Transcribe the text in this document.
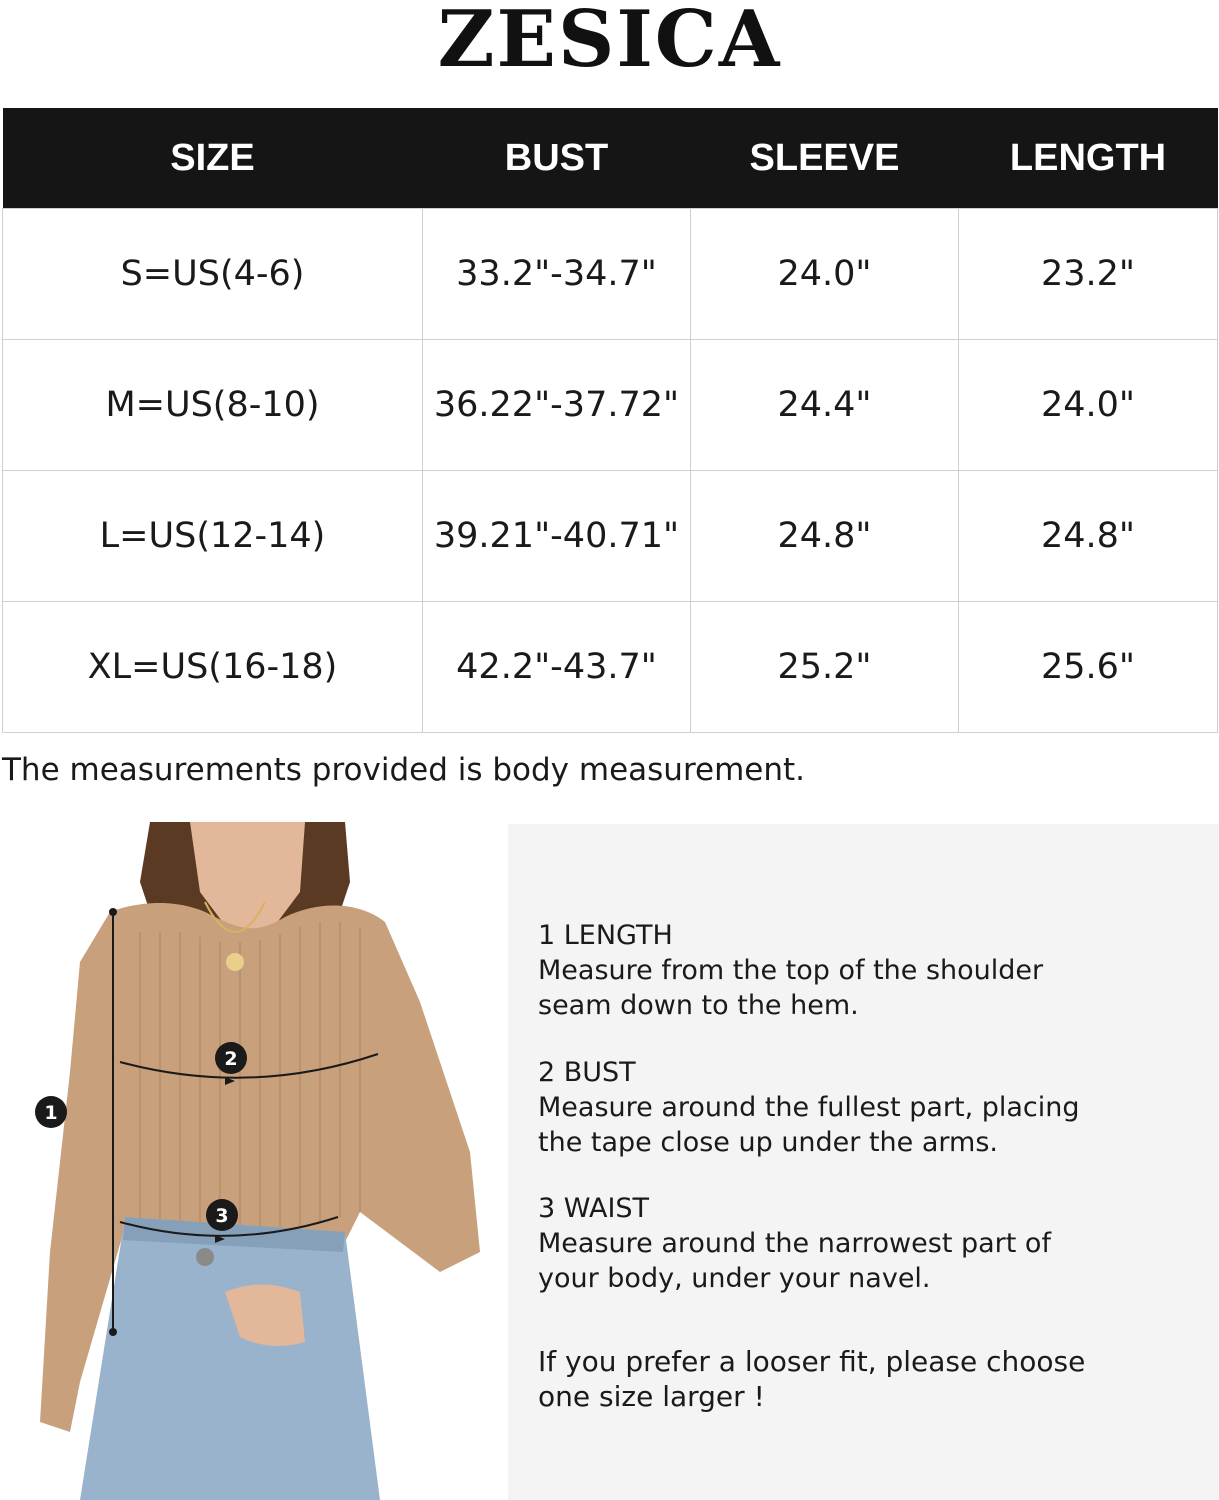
ZESICA
SIZE	BUST	SLEEVE	LENGTH
S=US(4-6)	33.2"-34.7"	24.0"	23.2"
M=US(8-10)	36.22"-37.72"	24.4"	24.0"
L=US(12-14)	39.21"-40.71"	24.8"	24.8"
XL=US(16-18)	42.2"-43.7"	25.2"	25.6"
The measurements provided is body measurement.
1
2
3
1 LENGTH
Measure from the top of the shoulder seam down to the hem.
2 BUST
Measure around the fullest part, placing the tape close up under the arms.
3 WAIST
Measure around the narrowest part of your body, under your navel.
If you prefer a looser fit, please choose one size larger !
